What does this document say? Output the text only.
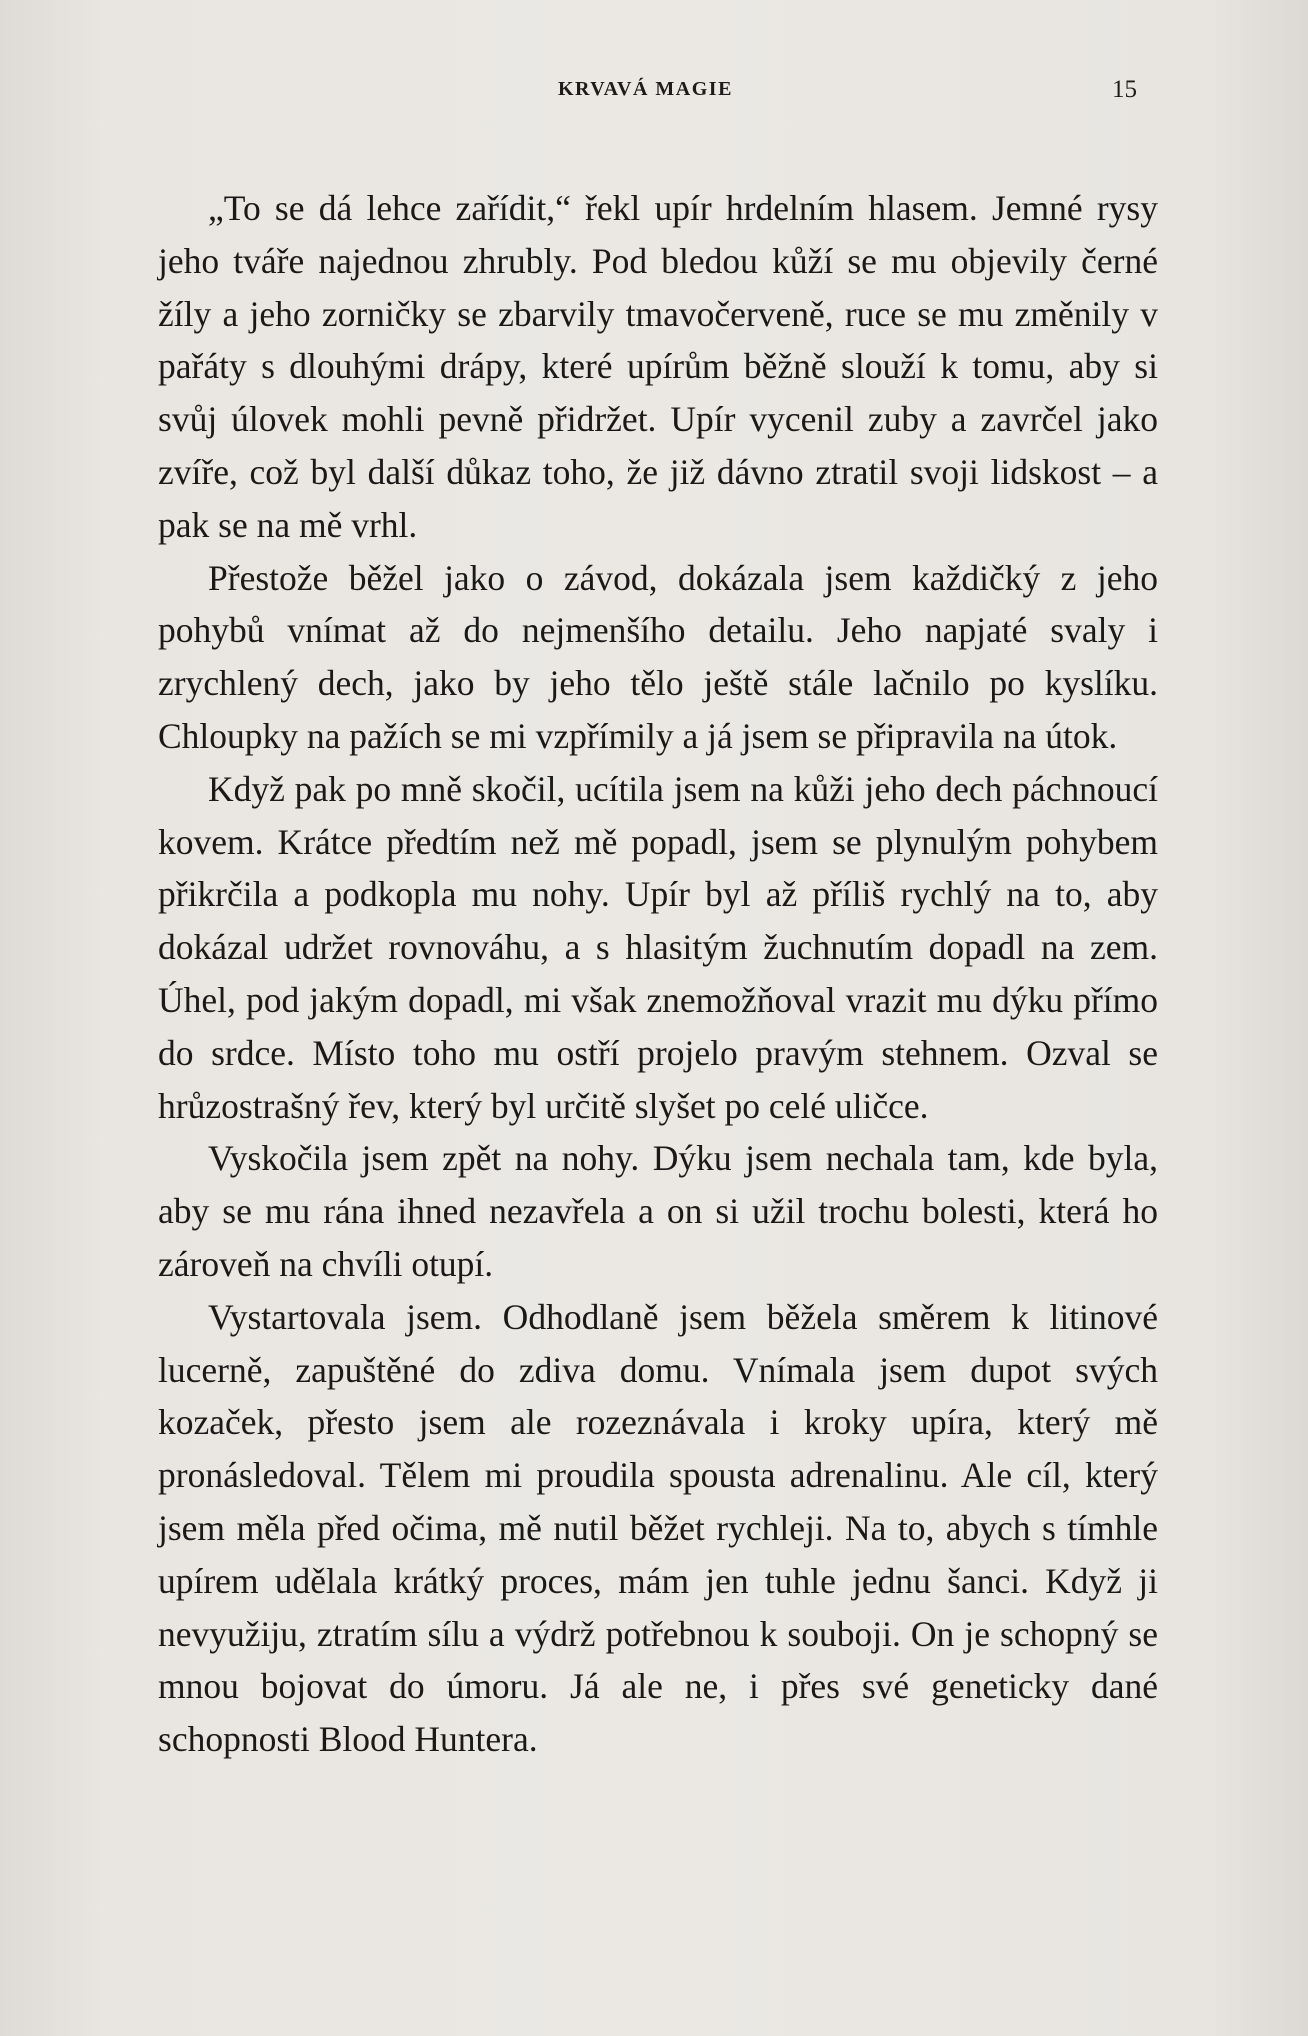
KRVAVÁ MAGIE	15

„To se dá lehce zařídit,“ řekl upír hrdelním hlasem. Jemné rysy jeho tváře najednou zhrubly. Pod bledou kůží se mu objevily černé žíly a jeho zorničky se zbarvily tmavočerveně, ruce se mu změnily v pařáty s dlouhými drápy, které upírům běžně slouží k tomu, aby si svůj úlovek mohli pevně přidržet. Upír vycenil zuby a zavrčel jako zvíře, což byl další důkaz toho, že již dávno ztratil svoji lidskost – a pak se na mě vrhl.

Přestože běžel jako o závod, dokázala jsem každičký z jeho pohybů vnímat až do nejmenšího detailu. Jeho napjaté svaly i zrychlený dech, jako by jeho tělo ještě stále lačnilo po kyslíku. Chloupky na pažích se mi vzpřímily a já jsem se připravila na útok.

Když pak po mně skočil, ucítila jsem na kůži jeho dech páchnoucí kovem. Krátce předtím než mě popadl, jsem se plynulým pohybem přikrčila a podkopla mu nohy. Upír byl až příliš rychlý na to, aby dokázal udržet rovnováhu, a s hlasitým žuchnutím dopadl na zem. Úhel, pod jakým dopadl, mi však znemožňoval vrazit mu dýku přímo do srdce. Místo toho mu ostří projelo pravým stehnem. Ozval se hrůzostrašný řev, který byl určitě slyšet po celé uličce.

Vyskočila jsem zpět na nohy. Dýku jsem nechala tam, kde byla, aby se mu rána ihned nezavřela a on si užil trochu bolesti, která ho zároveň na chvíli otupí.

Vystartovala jsem. Odhodlaně jsem běžela směrem k litinové lucerně, zapuštěné do zdiva domu. Vnímala jsem dupot svých kozaček, přesto jsem ale rozeznávala i kroky upíra, který mě pronásledoval. Tělem mi proudila spousta adrenalinu. Ale cíl, který jsem měla před očima, mě nutil běžet rychleji. Na to, abych s tímhle upírem udělala krátký proces, mám jen tuhle jednu šanci. Když ji nevyužiju, ztratím sílu a výdrž potřebnou k souboji. On je schopný se mnou bojovat do úmoru. Já ale ne, i přes své geneticky dané schopnosti Blood Huntera.
